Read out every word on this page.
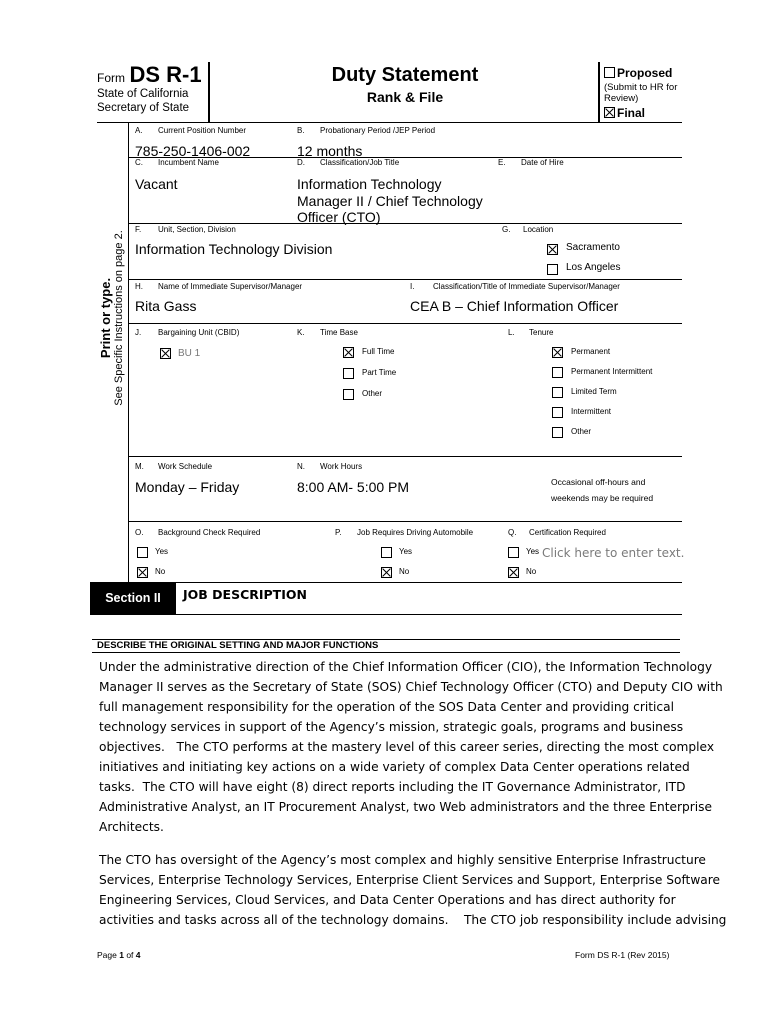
Form DS R-1
State of California
Secretary of State
Duty Statement
Rank & File
Proposed
(Submit to HR for Review)
Final
Print or type. See Specific Instructions on page 2.
A. Current Position Number
785-250-1406-002
B. Probationary Period /JEP Period
12 months
C. Incumbent Name
Vacant
D. Classification/Job Title
Information Technology
Manager II / Chief Technology
Officer (CTO)
E. Date of Hire
F. Unit, Section, Division
Information Technology Division
G. Location
Sacramento
Los Angeles
H. Name of Immediate Supervisor/Manager
Rita Gass
I. Classification/Title of Immediate Supervisor/Manager
CEA B – Chief Information Officer
J. Bargaining Unit (CBID)
BU 1
K. Time Base
Full Time
Part Time
Other
L. Tenure
Permanent
Permanent Intermittent
Limited Term
Intermittent
Other
M. Work Schedule
Monday – Friday
N. Work Hours
8:00 AM- 5:00 PM	Occasional off-hours and
weekends may be required
O. Background Check Required
Yes
No
P. Job Requires Driving Automobile
Yes
No
Q. Certification Required
Yes Click here to enter text.
No
Section II JOB DESCRIPTION
DESCRIBE THE ORIGINAL SETTING AND MAJOR FUNCTIONS
Under the administrative direction of the Chief Information Officer (CIO), the Information Technology
Manager II serves as the Secretary of State (SOS) Chief Technology Officer (CTO) and Deputy CIO with
full management responsibility for the operation of the SOS Data Center and providing critical
technology services in support of the Agency’s mission, strategic goals, programs and business
objectives.   The CTO performs at the mastery level of this career series, directing the most complex
initiatives and initiating key actions on a wide variety of complex Data Center operations related
tasks.  The CTO will have eight (8) direct reports including the IT Governance Administrator, ITD
Administrative Analyst, an IT Procurement Analyst, two Web administrators and the three Enterprise
Architects.
The CTO has oversight of the Agency’s most complex and highly sensitive Enterprise Infrastructure
Services, Enterprise Technology Services, Enterprise Client Services and Support, Enterprise Software
Engineering Services, Cloud Services, and Data Center Operations and has direct authority for
activities and tasks across all of the technology domains.    The CTO job responsibility include advising
Page 1 of 4	Form DS R-1 (Rev 2015)
